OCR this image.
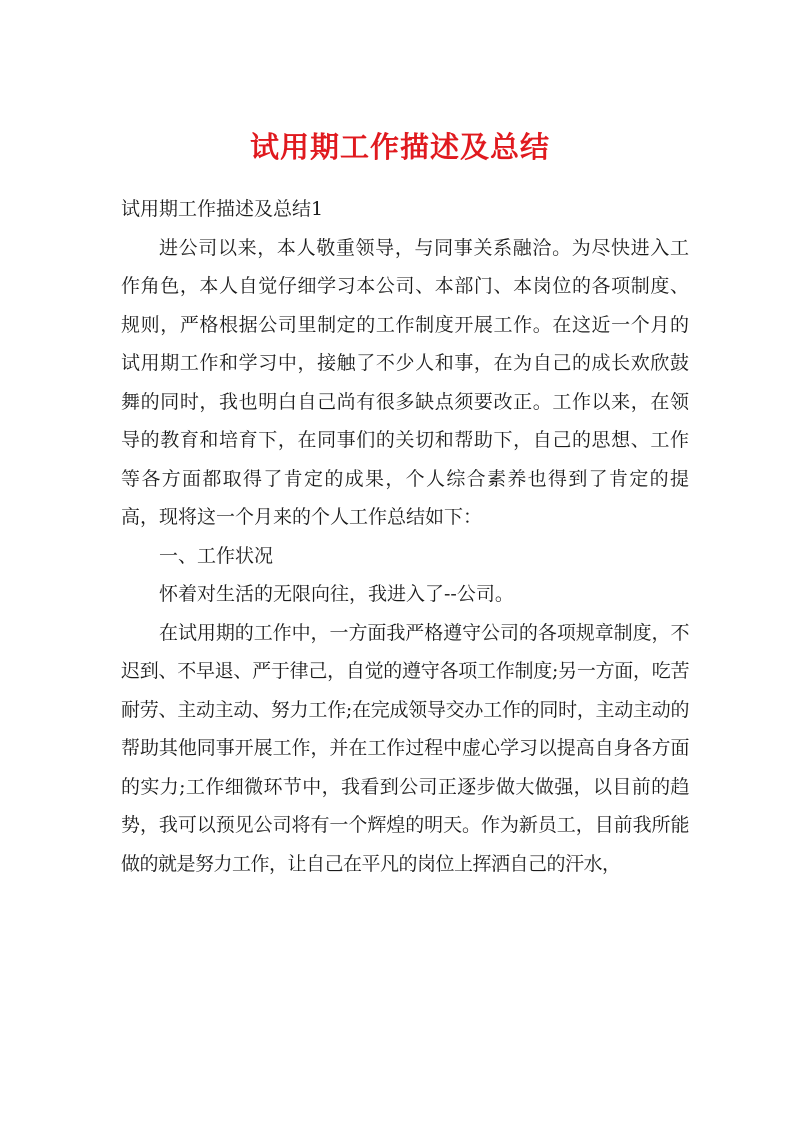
试用期工作描述及总结

试用期工作描述及总结1

进公司以来，本人敬重领导，与同事关系融洽。为尽快进入工作角色，本人自觉仔细学习本公司、本部门、本岗位的各项制度、规则，严格根据公司里制定的工作制度开展工作。在这近一个月的试用期工作和学习中，接触了不少人和事，在为自己的成长欢欣鼓舞的同时，我也明白自己尚有很多缺点须要改正。工作以来，在领导的教育和培育下，在同事们的关切和帮助下，自己的思想、工作等各方面都取得了肯定的成果，个人综合素养也得到了肯定的提高，现将这一个月来的个人工作总结如下：

一、工作状况

怀着对生活的无限向往，我进入了--公司。

在试用期的工作中，一方面我严格遵守公司的各项规章制度，不迟到、不早退、严于律己，自觉的遵守各项工作制度;另一方面，吃苦耐劳、主动主动、努力工作;在完成领导交办工作的同时，主动主动的帮助其他同事开展工作，并在工作过程中虚心学习以提高自身各方面的实力;工作细微环节中，我看到公司正逐步做大做强，以目前的趋势，我可以预见公司将有一个辉煌的明天。作为新员工，目前我所能做的就是努力工作，让自己在平凡的岗位上挥洒自己的汗水，
